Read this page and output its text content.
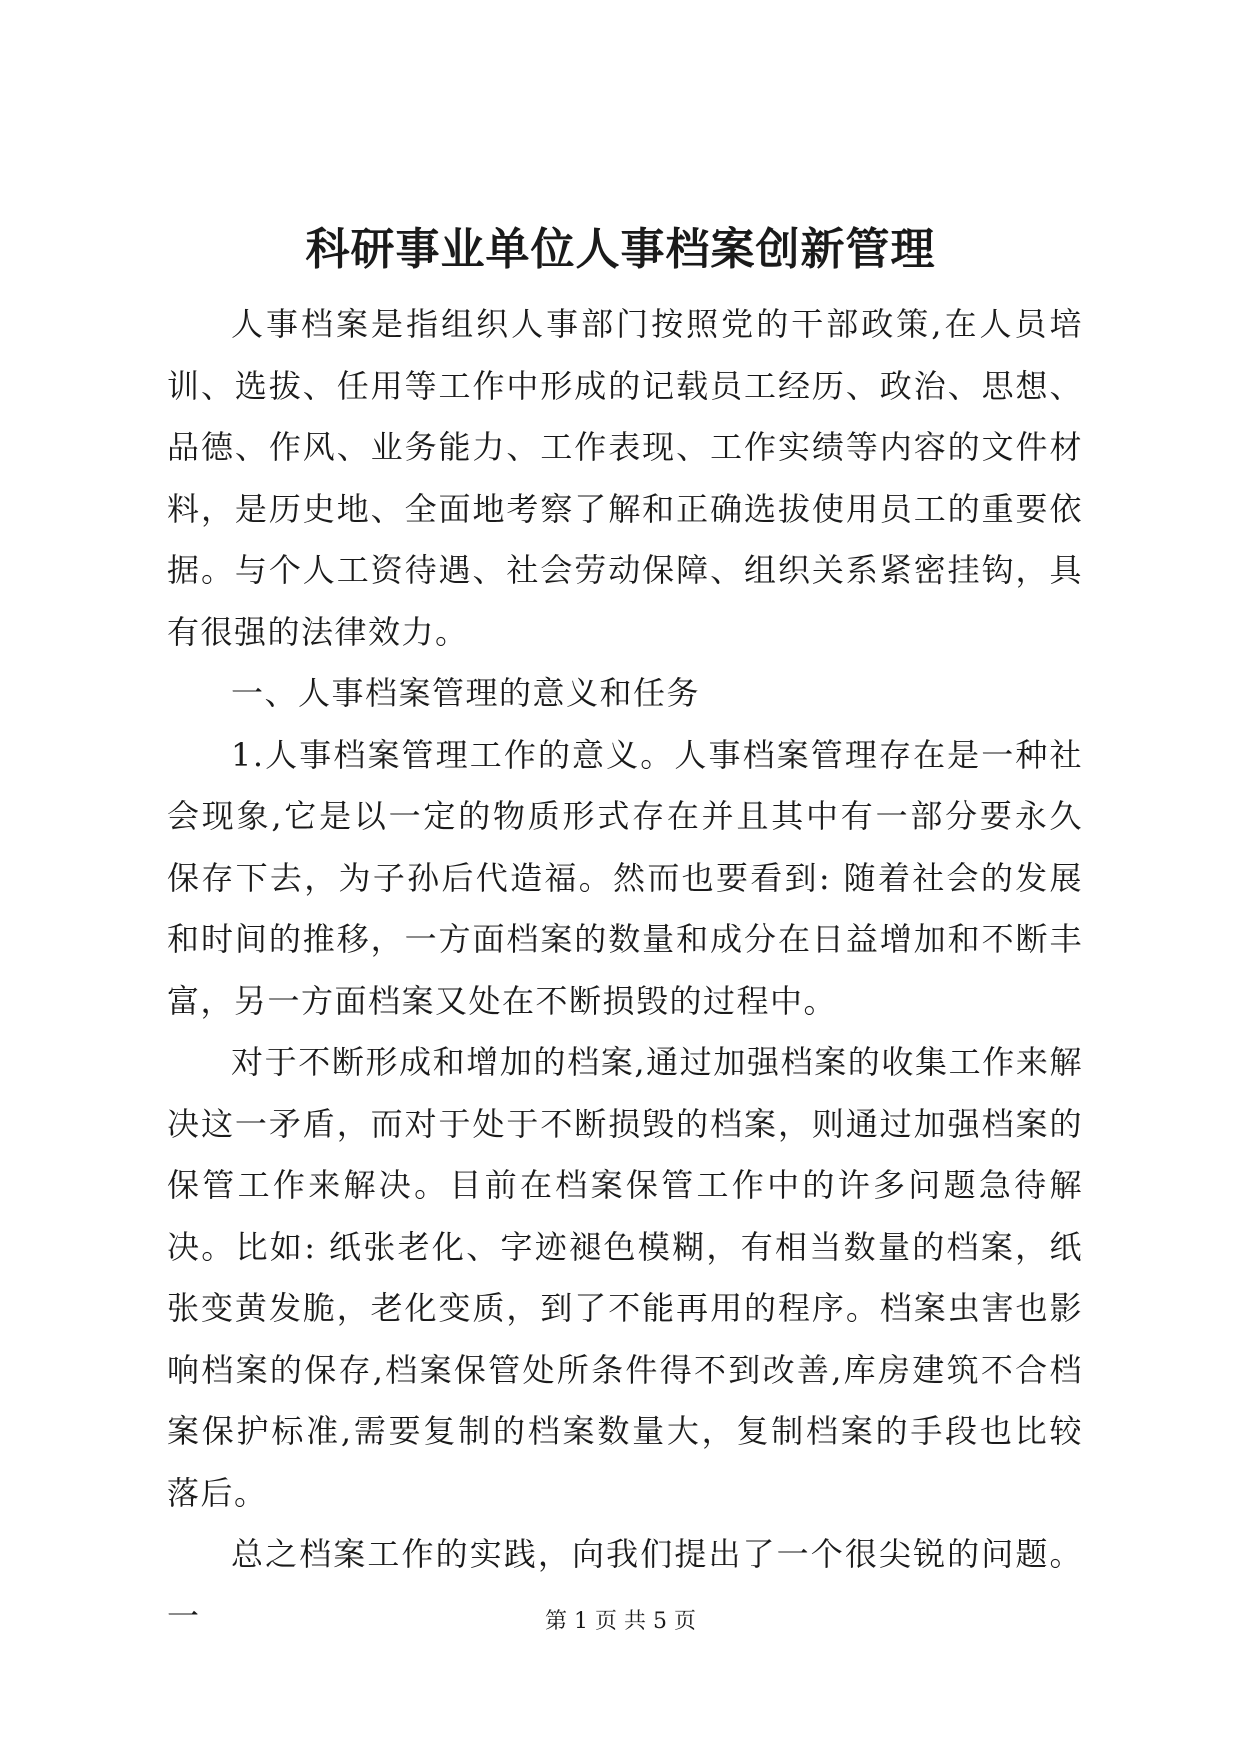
科研事业单位人事档案创新管理

人事档案是指组织人事部门按照党的干部政策,在人员培训、选拔、任用等工作中形成的记载员工经历、政治、思想、品德、作风、业务能力、工作表现、工作实绩等内容的文件材料，是历史地、全面地考察了解和正确选拔使用员工的重要依据。与个人工资待遇、社会劳动保障、组织关系紧密挂钩，具有很强的法律效力。

一、人事档案管理的意义和任务

1.人事档案管理工作的意义。人事档案管理存在是一种社会现象,它是以一定的物质形式存在并且其中有一部分要永久保存下去，为子孙后代造福。然而也要看到: 随着社会的发展和时间的推移，一方面档案的数量和成分在日益增加和不断丰富，另一方面档案又处在不断损毁的过程中。

对于不断形成和增加的档案,通过加强档案的收集工作来解决这一矛盾，而对于处于不断损毁的档案，则通过加强档案的保管工作来解决。目前在档案保管工作中的许多问题急待解决。比如: 纸张老化、字迹褪色模糊，有相当数量的档案，纸张变黄发脆，老化变质，到了不能再用的程序。档案虫害也影响档案的保存,档案保管处所条件得不到改善,库房建筑不合档案保护标准,需要复制的档案数量大，复制档案的手段也比较落后。

总之档案工作的实践，向我们提出了一个很尖锐的问题。一	第 1 页 共 5 页
